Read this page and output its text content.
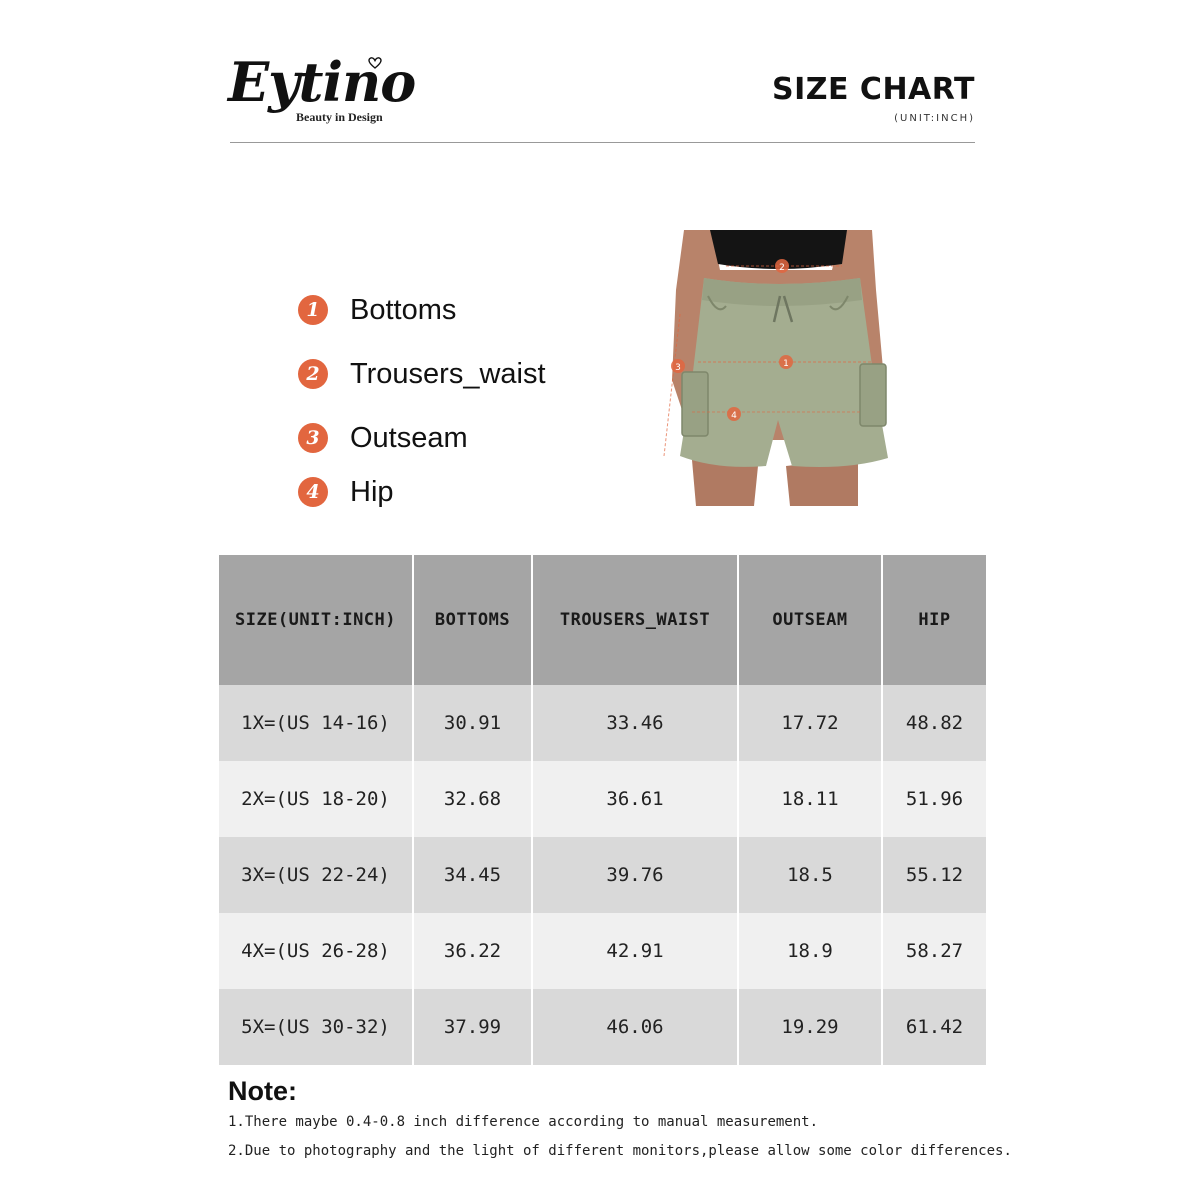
Eytino
Beauty in Design
SIZE CHART
(UNIT:INCH)
1 Bottoms
2 Trousers_waist
3 Outseam
4 Hip
2
1
3
4
SIZE(UNIT:INCH)	BOTTOMS	TROUSERS_WAIST	OUTSEAM	HIP
1X=(US 14-16)	30.91	33.46	17.72	48.82
2X=(US 18-20)	32.68	36.61	18.11	51.96
3X=(US 22-24)	34.45	39.76	18.5	55.12
4X=(US 26-28)	36.22	42.91	18.9	58.27
5X=(US 30-32)	37.99	46.06	19.29	61.42
Note:
1.There maybe 0.4-0.8 inch difference according to manual measurement.
2.Due to photography and the light of different monitors,please allow some color differences.
